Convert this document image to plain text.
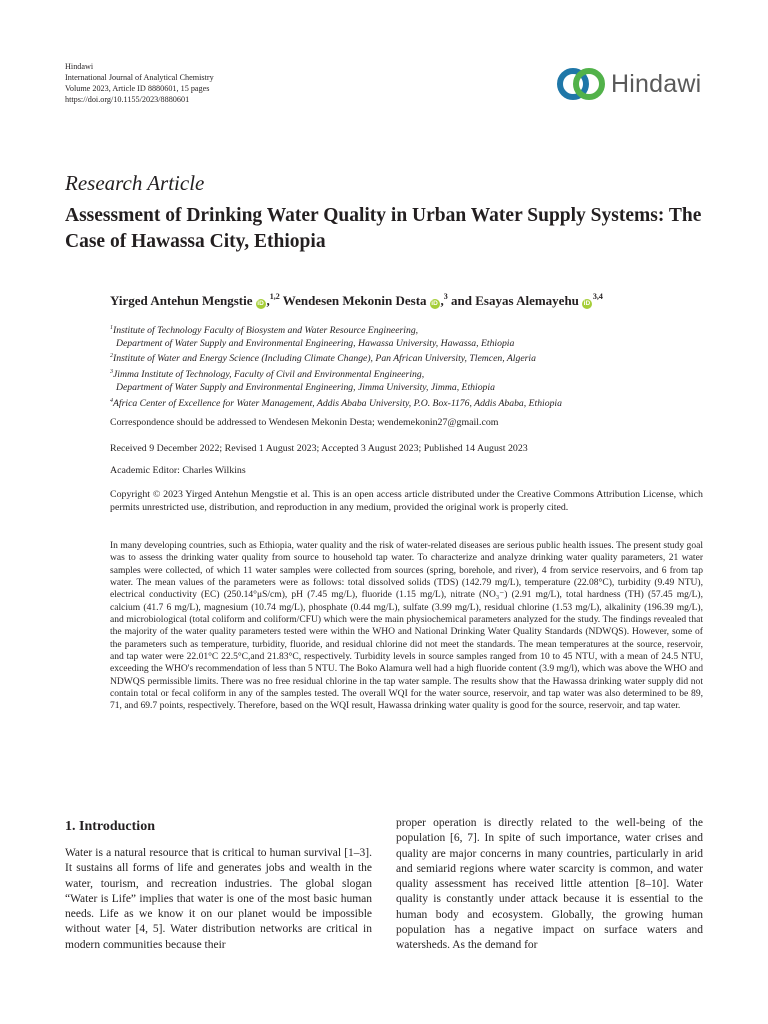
Hindawi
International Journal of Analytical Chemistry
Volume 2023, Article ID 8880601, 15 pages
https://doi.org/10.1155/2023/8880601
Hindawi
Research Article
Assessment of Drinking Water Quality in Urban Water Supply Systems: The Case of Hawassa City, Ethiopia
Yirged Antehun Mengstie iD ,$^{1,2}$ Wendesen Mekonin Desta iD ,$^3$ and Esayas Alemayehu iD$^{3,4}$
$^1$Institute of Technology Faculty of Biosystem and Water Resource Engineering,
Department of Water Supply and Environmental Engineering, Hawassa University, Hawassa, Ethiopia
$^2$Institute of Water and Energy Science (Including Climate Change), Pan African University, Tlemcen, Algeria
$^3$Jimma Institute of Technology, Faculty of Civil and Environmental Engineering,
Department of Water Supply and Environmental Engineering, Jimma University, Jimma, Ethiopia
$^4$Africa Center of Excellence for Water Management, Addis Ababa University, P.O. Box-1176, Addis Ababa, Ethiopia
Correspondence should be addressed to Wendesen Mekonin Desta; wendemekonin27@gmail.com
Received 9 December 2022; Revised 1 August 2023; Accepted 3 August 2023; Published 14 August 2023
Academic Editor: Charles Wilkins
Copyright © 2023 Yirged Antehun Mengstie et al. This is an open access article distributed under the Creative Commons Attribution License, which permits unrestricted use, distribution, and reproduction in any medium, provided the original work is properly cited.
In many developing countries, such as Ethiopia, water quality and the risk of water-related diseases are serious public health issues. The present study goal was to assess the drinking water quality from source to household tap water. To characterize and analyze drinking water quality parameters, 21 water samples were collected, of which 11 water samples were collected from sources (spring, borehole, and river), 4 from service reservoirs, and 6 from tap water. The mean values of the parameters were as follows: total dissolved solids (TDS) (142.79 mg/L), temperature (22.08°C), turbidity (9.49 NTU), electrical conductivity (EC) (250.14°μS/cm), pH (7.45 mg/L), fluoride (1.15 mg/L), nitrate (NO₃⁻) (2.91 mg/L), total hardness (TH) (57.45 mg/L), calcium (41.7 6 mg/L), magnesium (10.74 mg/L), phosphate (0.44 mg/L), sulfate (3.99 mg/L), residual chlorine (1.53 mg/L), alkalinity (196.39 mg/L), and microbiological (total coliform and coliform/CFU) which were the main physiochemical parameters analyzed for the study. The findings revealed that the majority of the water quality parameters tested were within the WHO and National Drinking Water Quality Standards (NDWQS). However, some of the parameters such as temperature, turbidity, fluoride, and residual chlorine did not meet the standards. The mean temperatures at the source, reservoir, and tap water were 22.01°C 22.5°C,and 21.83°C, respectively. Turbidity levels in source samples ranged from 10 to 45 NTU, with a mean of 24.5 NTU, exceeding the WHO's recommendation of less than 5 NTU. The Boko Alamura well had a high fluoride content (3.9 mg/l), which was above the WHO and NDWQS permissible limits. There was no free residual chlorine in the tap water sample. The results show that the Hawassa drinking water supply did not contain total or fecal coliform in any of the samples tested. The overall WQI for the water source, reservoir, and tap water was also determined to be 89, 71, and 69.7 points, respectively. Therefore, based on the WQI result, Hawassa drinking water quality is good for the source, reservoir, and tap water.
1. Introduction
Water is a natural resource that is critical to human survival [1–3]. It sustains all forms of life and generates jobs and wealth in the water, tourism, and recreation industries. The global slogan “Water is Life” implies that water is one of the most basic human needs. Life as we know it on our planet would be impossible without water [4, 5]. Water distribution networks are critical in modern communities because their
proper operation is directly related to the well-being of the population [6, 7]. In spite of such importance, water crises and quality are major concerns in many countries, particularly in arid and semiarid regions where water scarcity is common, and water quality assessment has received little attention [8–10]. Water quality is constantly under attack because it is essential to the human body and ecosystem. Globally, the growing human population has a negative impact on surface waters and watersheds. As the demand for
